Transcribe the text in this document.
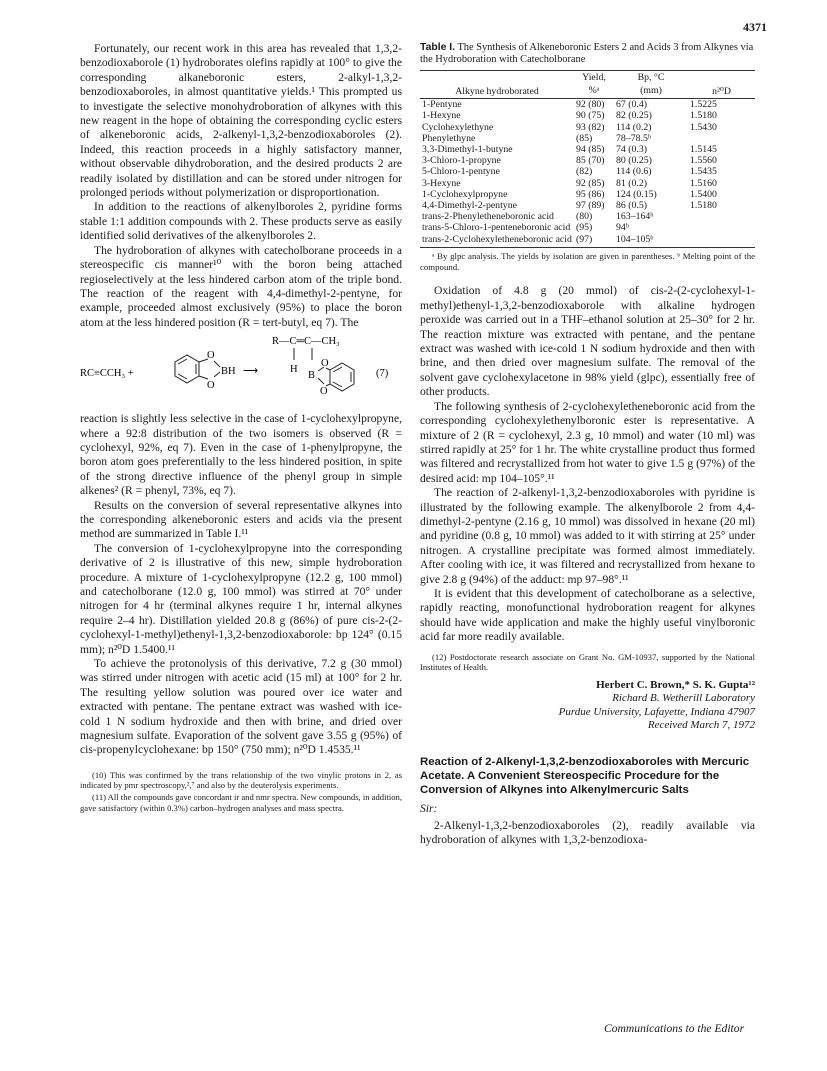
4371

Fortunately, our recent work in this area has revealed that 1,3,2-benzodioxaborole (1) hydroborates olefins rapidly at 100° to give the corresponding alkaneboronic esters, 2-alkyl-1,3,2-benzodioxaboroles, in almost quantitative yields.¹ This prompted us to investigate the selective monohydroboration of alkynes with this new reagent in the hope of obtaining the corresponding cyclic esters of alkeneboronic acids, 2-alkenyl-1,3,2-benzodioxaboroles (2). Indeed, this reaction proceeds in a highly satisfactory manner, without observable dihydroboration, and the desired products 2 are readily isolated by distillation and can be stored under nitrogen for prolonged periods without polymerization or disproportionation.

In addition to the reactions of alkenylboroles 2, pyridine forms stable 1:1 addition compounds with 2. These products serve as easily identified solid derivatives of the alkenylboroles 2.

The hydroboration of alkynes with catecholborane proceeds in a stereospecific cis manner¹⁰ with the boron being attached regioselectively at the less hindered carbon atom of the triple bond. The reaction of the reagent with 4,4-dimethyl-2-pentyne, for example, proceeded almost exclusively (95%) to place the boron atom at the less hindered position (R = tert-butyl, eq 7). The

RC≡CCH₃ +
O
O
BH ⟶
R—C═C—CH₃
H
B
O
O
(7)

reaction is slightly less selective in the case of 1-cyclohexylpropyne, where a 92:8 distribution of the two isomers is observed (R = cyclohexyl, 92%, eq 7). Even in the case of 1-phenylpropyne, the boron atom goes preferentially to the less hindered position, in spite of the strong directive influence of the phenyl group in simple alkenes² (R = phenyl, 73%, eq 7).

Results on the conversion of several representative alkynes into the corresponding alkeneboronic esters and acids via the present method are summarized in Table I.¹¹

The conversion of 1-cyclohexylpropyne into the corresponding derivative of 2 is illustrative of this new, simple hydroboration procedure. A mixture of 1-cyclohexylpropyne (12.2 g, 100 mmol) and catecholborane (12.0 g, 100 mmol) was stirred at 70° under nitrogen for 4 hr (terminal alkynes require 1 hr, internal alkynes require 2–4 hr). Distillation yielded 20.8 g (86%) of pure cis-2-(2-cyclohexyl-1-methyl)ethenyl-1,3,2-benzodioxaborole: bp 124° (0.15 mm); n²⁰D 1.5400.¹¹

To achieve the protonolysis of this derivative, 7.2 g (30 mmol) was stirred under nitrogen with acetic acid (15 ml) at 100° for 2 hr. The resulting yellow solution was poured over ice water and extracted with pentane. The pentane extract was washed with ice-cold 1 N sodium hydroxide and then with brine, and dried over magnesium sulfate. Evaporation of the solvent gave 3.55 g (95%) of cis-propenylcyclohexane: bp 150° (750 mm); n²⁰D 1.4535.¹¹

(10) This was confirmed by the trans relationship of the two vinylic protons in 2, as indicated by pmr spectroscopy,²,⁷ and also by the deuterolysis experiments.

(11) All the compounds gave concordant ir and nmr spectra. New compounds, in addition, gave satisfactory (within 0.3%) carbon–hydrogen analyses and mass spectra.

Table I. The Synthesis of Alkeneboronic Esters 2 and Acids 3 from Alkynes via the Hydroboration with Catecholborane

Alkyne hydroborated	Yield,	Bp, °C	n²⁰D
	%ᵃ	(mm)	
1-Pentyne	92 (80)	67 (0.4)	1.5225
1-Hexyne	90 (75)	82 (0.25)	1.5180
Cyclohexylethyne	93 (82)	114 (0.2)	1.5430
Phenylethyne	(85)	78–78.5ᵇ	
3,3-Dimethyl-1-butyne	94 (85)	74 (0.3)	1.5145
3-Chloro-1-propyne	85 (70)	80 (0.25)	1.5560
5-Chloro-1-pentyne	(82)	114 (0.6)	1.5435
3-Hexyne	92 (85)	81 (0.2)	1.5160
1-Cyclohexylpropyne	95 (86)	124 (0.15)	1.5400
4,4-Dimethyl-2-pentyne	97 (89)	86 (0.5)	1.5180
trans-2-Phenyletheneboronic acid	(80)	163–164ᵇ	
trans-5-Chloro-1-penteneboronic acid	(95)	94ᵇ	
trans-2-Cyclohexyletheneboronic acid	(97)	104–105ᵇ	

ᵃ By glpc analysis. The yields by isolation are given in parentheses. ᵇ Melting point of the compound.

Oxidation of 4.8 g (20 mmol) of cis-2-(2-cyclohexyl-1-methyl)ethenyl-1,3,2-benzodioxaborole with alkaline hydrogen peroxide was carried out in a THF–ethanol solution at 25–30° for 2 hr. The reaction mixture was extracted with pentane, and the pentane extract was washed with ice-cold 1 N sodium hydroxide and then with brine, and then dried over magnesium sulfate. The removal of the solvent gave cyclohexylacetone in 98% yield (glpc), essentially free of other products.

The following synthesis of 2-cyclohexyletheneboronic acid from the corresponding cyclohexylethenylboronic ester is representative. A mixture of 2 (R = cyclohexyl, 2.3 g, 10 mmol) and water (10 ml) was stirred rapidly at 25° for 1 hr. The white crystalline product thus formed was filtered and recrystallized from hot water to give 1.5 g (97%) of the desired acid: mp 104–105°.¹¹

The reaction of 2-alkenyl-1,3,2-benzodioxaboroles with pyridine is illustrated by the following example. The alkenylborole 2 from 4,4-dimethyl-2-pentyne (2.16 g, 10 mmol) was dissolved in hexane (20 ml) and pyridine (0.8 g, 10 mmol) was added to it with stirring at 25° under nitrogen. A crystalline precipitate was formed almost immediately. After cooling with ice, it was filtered and recrystallized from hexane to give 2.8 g (94%) of the adduct: mp 97–98°.¹¹

It is evident that this development of catecholborane as a selective, rapidly reacting, monofunctional hydroboration reagent for alkynes should have wide application and make the highly useful vinylboronic acid far more readily available.

(12) Postdoctorate research associate on Grant No. GM-10937, supported by the National Institutes of Health.

Herbert C. Brown,* S. K. Gupta¹²
Richard B. Wetherill Laboratory
Purdue University, Lafayette, Indiana 47907
Received March 7, 1972
Reaction of 2-Alkenyl-1,3,2-benzodioxaboroles with Mercuric Acetate. A Convenient Stereospecific Procedure for the Conversion of Alkynes into Alkenylmercuric Salts

Sir:

2-Alkenyl-1,3,2-benzodioxaboroles (2), readily available via hydroboration of alkynes with 1,3,2-benzodioxa-

Communications to the Editor
